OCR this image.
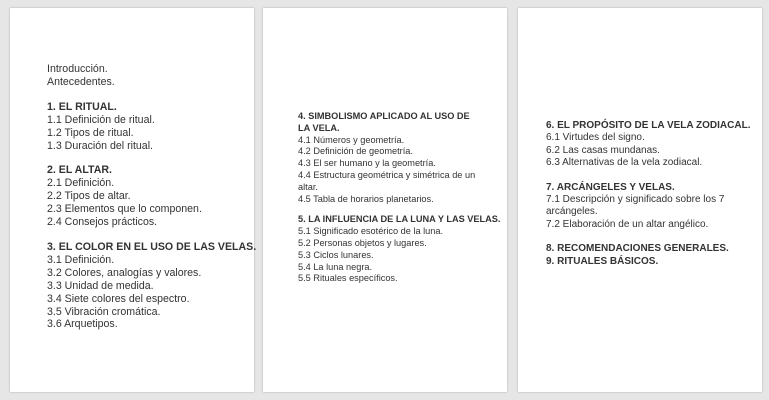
Introducción.
Antecedentes.
1. EL RITUAL.
1.1 Definición de ritual.
1.2 Tipos de ritual.
1.3 Duración del ritual.
2. EL ALTAR.
2.1 Definición.
2.2 Tipos de altar.
2.3 Elementos que lo componen.
2.4 Consejos prácticos.
3. EL COLOR EN EL USO DE LAS VELAS.
3.1 Definición.
3.2 Colores, analogías y valores.
3.3 Unidad de medida.
3.4 Siete colores del espectro.
3.5 Vibración cromática.
3.6 Arquetipos.
4. SIMBOLISMO APLICADO AL USO DE LA VELA.
4.1 Números y geometría.
4.2 Definición de geometría.
4.3 El ser humano y la geometría.
4.4 Estructura geométrica y simétrica de un altar.
4.5 Tabla de horarios planetarios.
5. LA INFLUENCIA DE LA LUNA Y LAS VELAS.
5.1 Significado esotérico de la luna.
5.2 Personas objetos y lugares.
5.3 Ciclos lunares.
5.4 La luna negra.
5.5 Rituales específicos.
6. EL PROPÓSITO DE LA VELA ZODIACAL.
6.1 Virtudes del signo.
6.2 Las casas mundanas.
6.3 Alternativas de la vela zodiacal.
7. ARCÁNGELES Y VELAS.
7.1 Descripción y significado sobre los 7 arcángeles.
7.2 Elaboración de un altar angélico.
8. RECOMENDACIONES GENERALES.
9. RITUALES BÁSICOS.
